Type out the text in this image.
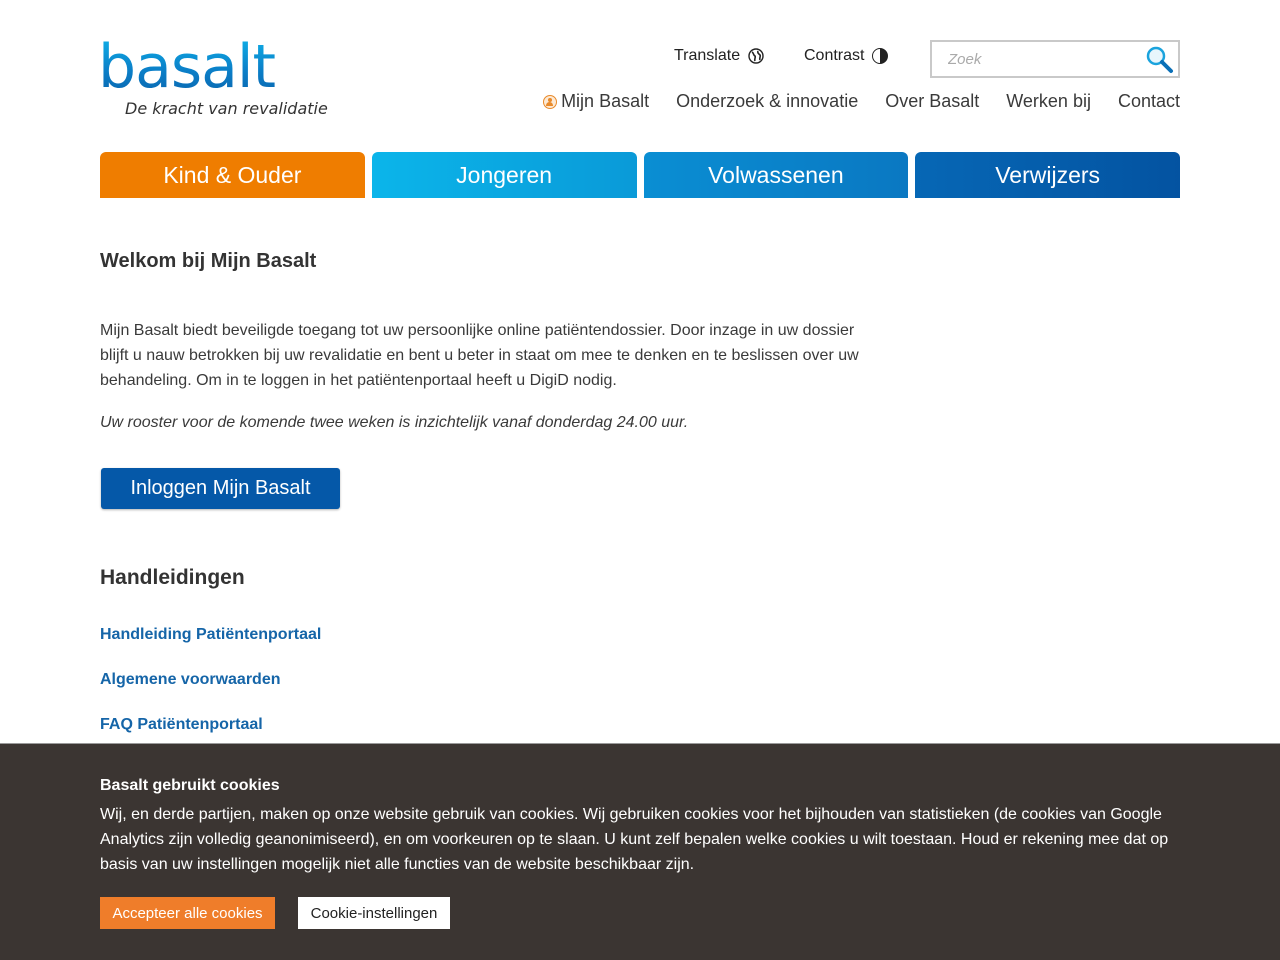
basalt
De kracht van revalidatie
Translate	Contrast
Zoek
Mijn Basalt Onderzoek & innovatie Over Basalt Werken bij Contact
Kind & Ouder	Jongeren	Volwassenen	Verwijzers
Welkom bij Mijn Basalt

Mijn Basalt biedt beveiligde toegang tot uw persoonlijke online patiëntendossier. Door inzage in uw dossier blijft u nauw betrokken bij uw revalidatie en bent u beter in staat om mee te denken en te beslissen over uw behandeling. Om in te loggen in het patiëntenportaal heeft u DigiD nodig.

Uw rooster voor de komende twee weken is inzichtelijk vanaf donderdag 24.00 uur.

Inloggen Mijn Basalt
Handleidingen
Handleiding Patiëntenportaal
Algemene voorwaarden
FAQ Patiëntenportaal

Basalt gebruikt cookies

Wij, en derde partijen, maken op onze website gebruik van cookies. Wij gebruiken cookies voor het bijhouden van statistieken (de cookies van Google Analytics zijn volledig geanonimiseerd), en om voorkeuren op te slaan. U kunt zelf bepalen welke cookies u wilt toestaan. Houd er rekening mee dat op basis van uw instellingen mogelijk niet alle functies van de website beschikbaar zijn.

Accepteer alle cookies	Cookie-instellingen
